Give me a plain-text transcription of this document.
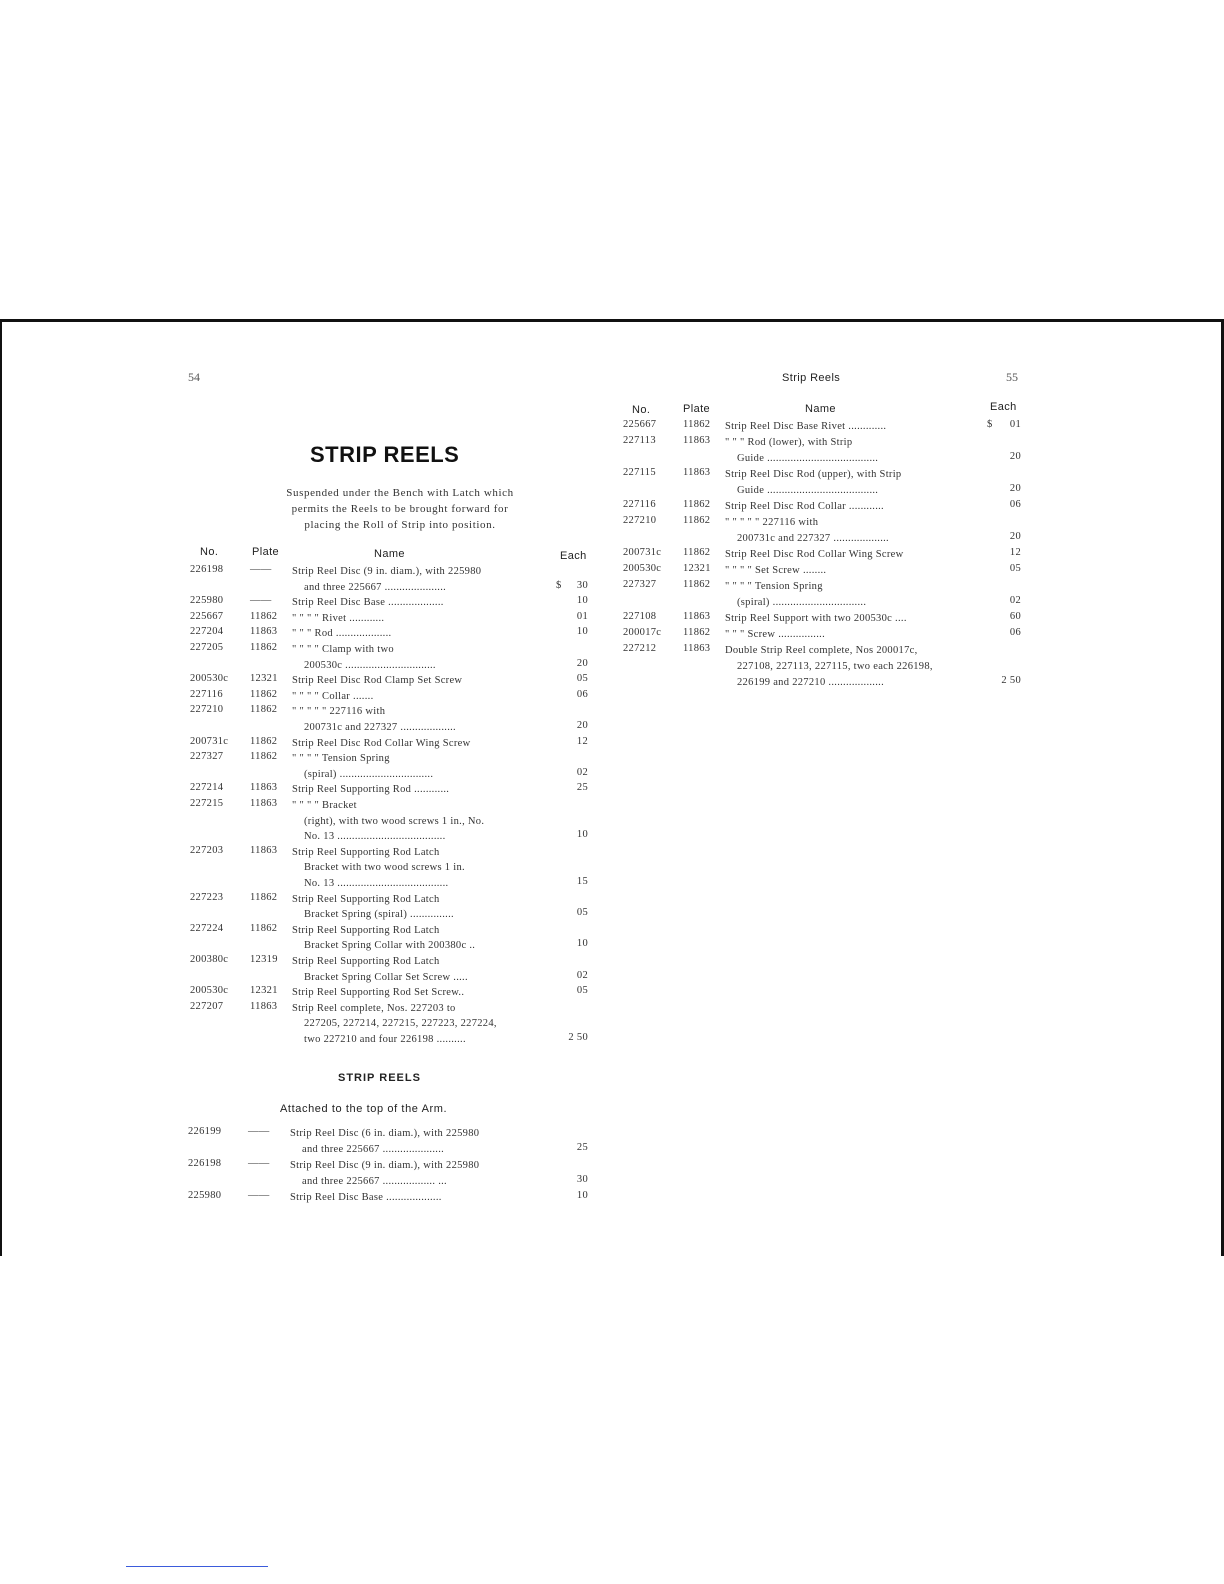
54
STRIP REELS
Suspended under the Bench with Latch which
permits the Reels to be brought forward for
placing the Roll of Strip into position.
No.	Plate	Name	Each
226198	—— Strip Reel Disc (9 in. diam.), with 225980
and three 225667 .....................	$	30
225980	—— Strip Reel Disc Base ...................	10
225667	11862 " " " " Rivet ............	01
227204	11863 " " " Rod ...................	10
227205	11862 " " " " Clamp with two
200530c ...............................	20
200530c 12321 Strip Reel Disc Rod Clamp Set Screw	05
227116	11862 " " " " Collar .......	06
227210	11862 " " " " " 227116 with
200731c and 227327 ...................	20
200731c 11862 Strip Reel Disc Rod Collar Wing Screw	12
227327	11862 " " " " Tension Spring
(spiral) ................................	02
227214	11863 Strip Reel Supporting Rod ............	25
227215	11863 " " " " Bracket
(right), with two wood screws 1 in., No.
No. 13 .....................................	10
227203	11863 Strip Reel Supporting Rod Latch
Bracket with two wood screws 1 in.
No. 13 ......................................	15
227223	11862 Strip Reel Supporting Rod Latch
Bracket Spring (spiral) ...............	05
227224	11862 Strip Reel Supporting Rod Latch
Bracket Spring Collar with 200380c ..	10
200380c 12319 Strip Reel Supporting Rod Latch
Bracket Spring Collar Set Screw .....	02
200530c 12321 Strip Reel Supporting Rod Set Screw..	05
227207	11863 Strip Reel complete, Nos. 227203 to
227205, 227214, 227215, 227223, 227224,
two 227210 and four 226198 ..........	2 50
STRIP REELS
Attached to the top of the Arm.
226199	—— Strip Reel Disc (6 in. diam.), with 225980
and three 225667 .....................	25
226198	—— Strip Reel Disc (9 in. diam.), with 225980
and three 225667 .................. ...	30
225980	—— Strip Reel Disc Base ...................	10
Strip Reels	55
No.	Plate	Name	Each
225667	11862 Strip Reel Disc Base Rivet .............	$	01
227113	11863 " " " Rod (lower), with Strip
Guide ......................................	20
227115	11863 Strip Reel Disc Rod (upper), with Strip
Guide ......................................	20
227116	11862 Strip Reel Disc Rod Collar ............	06
227210	11862 " " " " " 227116 with
200731c and 227327 ...................	20
200731c 11862 Strip Reel Disc Rod Collar Wing Screw	12
200530c 12321 " " " " Set Screw ........	05
227327	11862 " " " " Tension Spring
(spiral) ................................	02
227108	11863 Strip Reel Support with two 200530c ....	60
200017c 11862 " " " Screw ................	06
227212	11863 Double Strip Reel complete, Nos 200017c,
227108, 227113, 227115, two each 226198,
226199 and 227210 ...................	2 50
